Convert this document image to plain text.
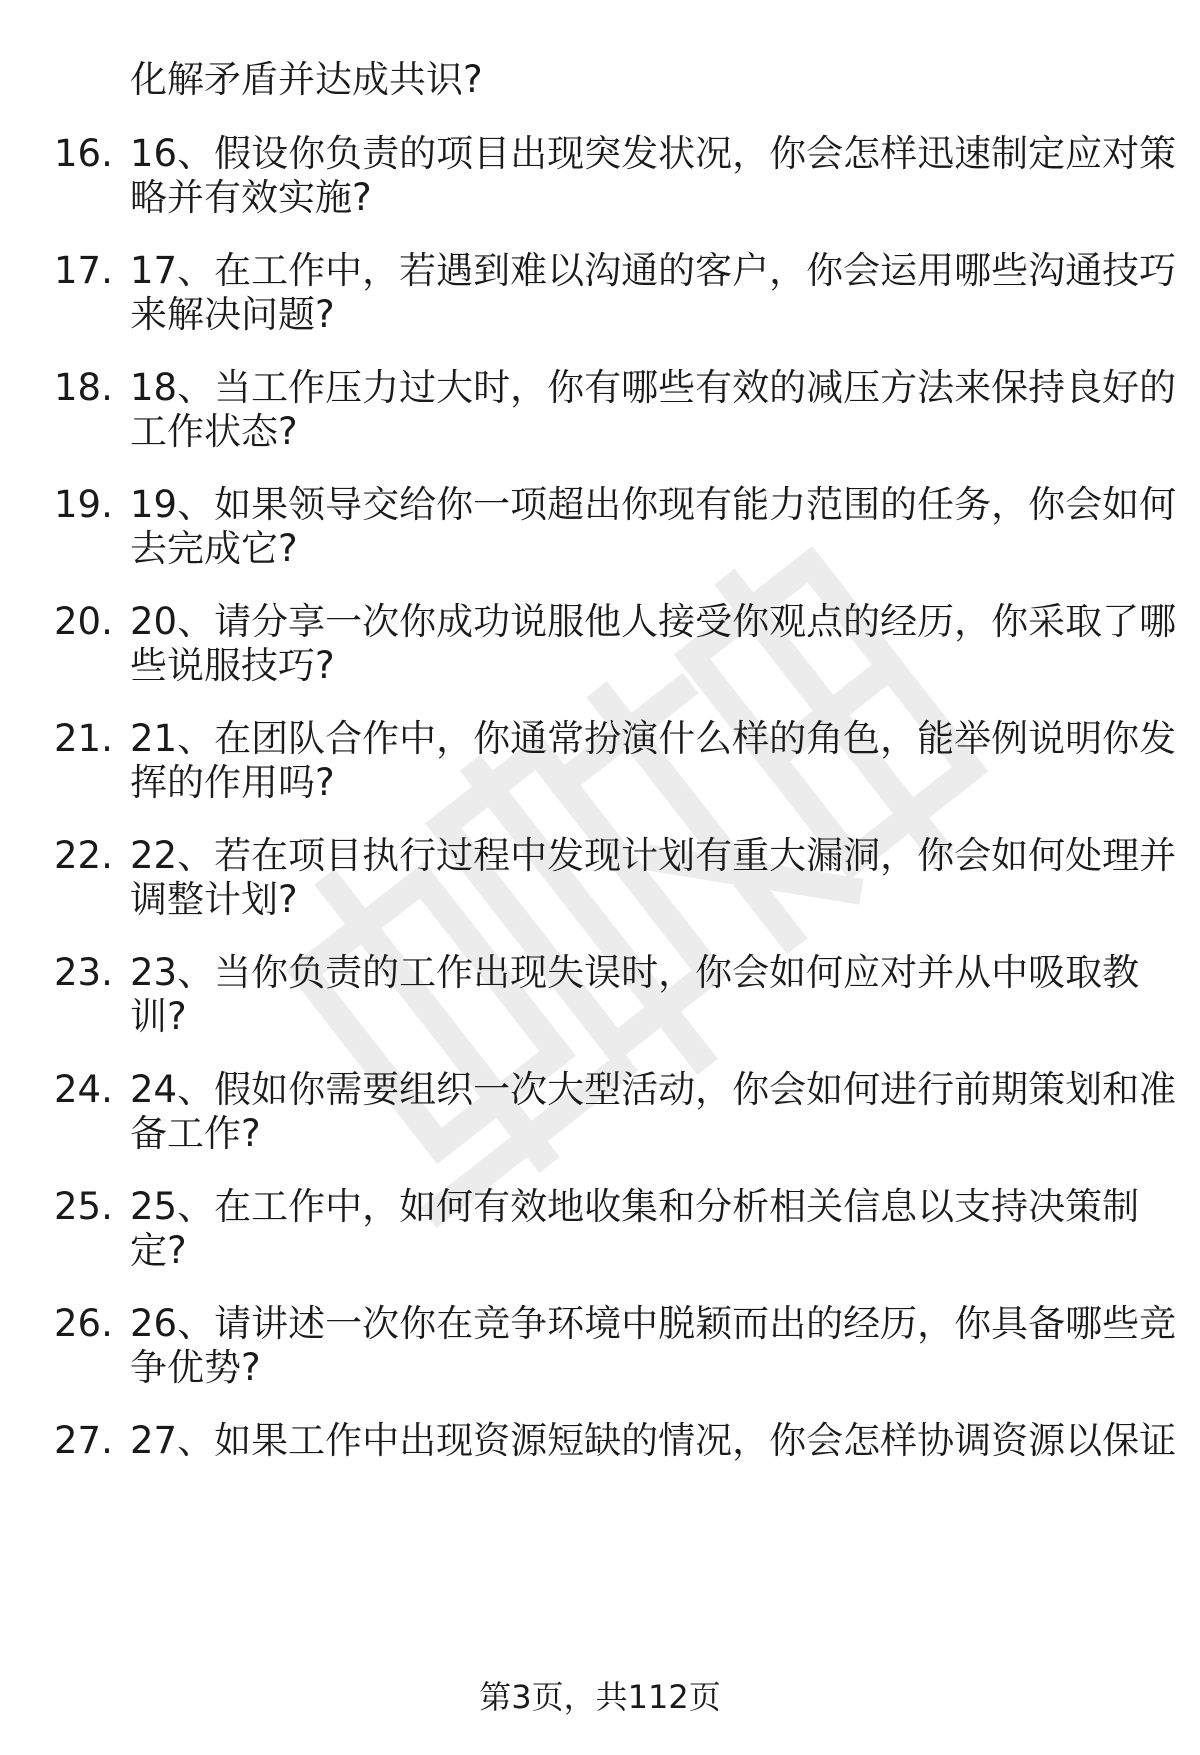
化解矛盾并达成共识?
16. 16、假设你负责的项目出现突发状况，你会怎样迅速制定应对策
略并有效实施?
17. 17、在工作中，若遇到难以沟通的客户，你会运用哪些沟通技巧
来解决问题?
18. 18、当工作压力过大时，你有哪些有效的减压方法来保持良好的
工作状态?
19. 19、如果领导交给你一项超出你现有能力范围的任务，你会如何
去完成它?
20. 20、请分享一次你成功说服他人接受你观点的经历，你采取了哪
些说服技巧?
21. 21、在团队合作中，你通常扮演什么样的角色，能举例说明你发
挥的作用吗?
22. 22、若在项目执行过程中发现计划有重大漏洞，你会如何处理并
调整计划?
23. 23、当你负责的工作出现失误时，你会如何应对并从中吸取教
训?
24. 24、假如你需要组织一次大型活动，你会如何进行前期策划和准
备工作?
25. 25、在工作中，如何有效地收集和分析相关信息以支持决策制
定?
26. 26、请讲述一次你在竞争环境中脱颖而出的经历，你具备哪些竞
争优势?
27. 27、如果工作中出现资源短缺的情况，你会怎样协调资源以保证
第3页，共112页
